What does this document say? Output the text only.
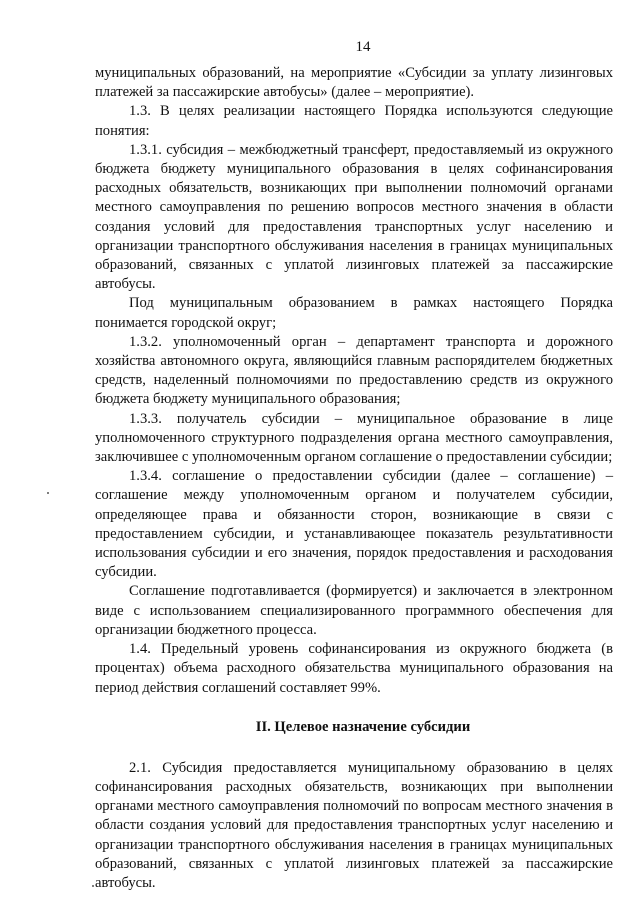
14

муниципальных образований, на мероприятие «Субсидии за уплату лизинговых платежей за пассажирские автобусы» (далее – мероприятие).

1.3. В целях реализации настоящего Порядка используются следующие понятия:

1.3.1. субсидия – межбюджетный трансферт, предоставляемый из окружного бюджета бюджету муниципального образования в целях софинансирования расходных обязательств, возникающих при выполнении полномочий органами местного самоуправления по решению вопросов местного значения в области создания условий для предоставления транспортных услуг населению и организации транспортного обслуживания населения в границах муниципальных образований, связанных с уплатой лизинговых платежей за пассажирские автобусы.

Под муниципальным образованием в рамках настоящего Порядка понимается городской округ;

1.3.2. уполномоченный орган – департамент транспорта и дорожного хозяйства автономного округа, являющийся главным распорядителем бюджетных средств, наделенный полномочиями по предоставлению средств из окружного бюджета бюджету муниципального образования;

1.3.3. получатель субсидии – муниципальное образование в лице уполномоченного структурного подразделения органа местного самоуправления, заключившее с уполномоченным органом соглашение о предоставлении субсидии;

1.3.4. соглашение о предоставлении субсидии (далее – соглашение) – соглашение между уполномоченным органом и получателем субсидии, определяющее права и обязанности сторон, возникающие в связи с предоставлением субсидии, и устанавливающее показатель результативности использования субсидии и его значения, порядок предоставления и расходования субсидии.

Соглашение подготавливается (формируется) и заключается в электронном виде с использованием специализированного программного обеспечения для организации бюджетного процесса.

1.4. Предельный уровень софинансирования из окружного бюджета (в процентах) объема расходного обязательства муниципального образования на период действия соглашений составляет 99%.

II. Целевое назначение субсидии

2.1. Субсидия предоставляется муниципальному образованию в целях софинансирования расходных обязательств, возникающих при выполнении органами местного самоуправления полномочий по вопросам местного значения в области создания условий для предоставления транспортных услуг населению и организации транспортного обслуживания населения в границах муниципальных образований, связанных с уплатой лизинговых платежей за пассажирские автобусы.
